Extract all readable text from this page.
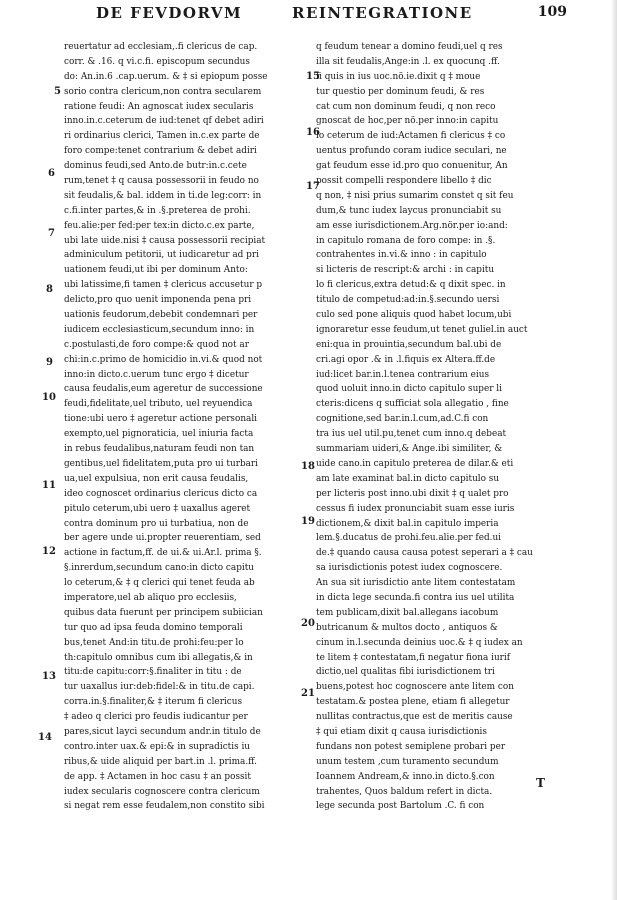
DE FEVDORVM	REINTEGRATIONE	109
reuertatur ad ecclesiam,.fi clericus de cap.
corr. & .16. q vi.c.fi. episcopum secundus
do: An.in.6 .cap.uerum. & ‡ si epiopum posse
sorio contra clericum,non contra secularem
ratione feudi: An agnoscat iudex secularis
inno.in.c.ceterum de iud:tenet qf debet adiri
ri ordinarius clerici, Tamen in.c.ex parte de
foro compe:tenet contrarium & debet adiri
dominus feudi,sed Anto.de butr:in.c.cete
rum,tenet ‡ q causa possessorii in feudo no
sit feudalis,& bal. iddem in ti.de leg:corr: in
c.fi.inter partes,& in .§.preterea de prohi.
feu.alie:per fed:per tex:in dicto.c.ex parte,
ubi late uide.nisi ‡ causa possessorii recipiat
adminiculum petitorii, ut iudicaretur ad pri
uationem feudi,ut ibi per dominum Anto:
ubi latissime,fi tamen ‡ clericus accusetur p
delicto,pro quo uenit imponenda pena pri
uationis feudorum,debebit condemnari per
iudicem ecclesiasticum,secundum inno: in
c.postulasti,de foro compe:& quod not ar
chi:in.c.primo de homicidio in.vi.& quod not
inno:in dicto.c.uerum tunc ergo ‡ dicetur
causa feudalis,eum ageretur de successione
feudi,fidelitate,uel tributo, uel reyuendica
tione:ubi uero ‡ ageretur actione personali
exempto,uel pignoraticia, uel iniuria facta
in rebus feudalibus,naturam feudi non tan
gentibus,uel fidelitatem,puta pro ui turbari
ua,uel expulsiua, non erit causa feudalis,
ideo cognoscet ordinarius clericus dicto ca
pitulo ceterum,ubi uero ‡ uaxallus ageret
contra dominum pro ui turbatiua, non de
ber agere unde ui.propter reuerentiam, sed
actione in factum,ff. de ui.& ui.Ar.l. prima §.
§.inrerdum,secundum cano:in dicto capitu
lo ceterum,& ‡ q clerici qui tenet feuda ab
imperatore,uel ab aliquo pro ecclesiis,
quibus data fuerunt per principem subiician
tur quo ad ipsa feuda domino temporali
bus,tenet And:in titu.de prohi:feu:per lo
th:capitulo omnibus cum ibi allegatis,& in
titu:de capitu:corr:§.finaliter in titu : de
tur uaxallus iur:deb:fidel:& in titu.de capi.
corra.in.§.finaliter,& ‡ iterum fi clericus
‡ adeo q clerici pro feudis iudicantur per
pares,sicut layci secundum andr.in titulo de
contro.inter uax.& epi:& in supradictis iu
ribus,& uide aliquid per bart.in .l. prima.ff.
de app. ‡ Actamen in hoc casu ‡ an possit
iudex secularis cognoscere contra clericum
si negat rem esse feudalem,non constito sibi
q feudum tenear a domino feudi,uel q res
illa sit feudalis,Ange:in .l. ex quocunq .ff.
fi quis in ius uoc.nö.ie.dixit q ‡ moue
tur questio per dominum feudi, & res
cat cum non dominum feudi, q non reco
gnoscat de hoc,per nö.per inno:in capitu
lo ceterum de iud:Actamen fi clericus ‡ co
uentus profundo coram iudice seculari, ne
gat feudum esse id.pro quo conuenitur, An
possit compelli respondere libello ‡ dic
q non, ‡ nisi prius sumarim constet q sit feu
dum,& tunc iudex laycus pronunciabit su
am esse iurisdictionem.Arg.nör.per io:and:
in capitulo romana de foro compe: in .§.
contrahentes in.vi.& inno : in capitulo
si licteris de rescript:& archi : in capitu
lo fi clericus,extra detud:& q dixit spec. in
titulo de competud:ad:in.§.secundo uersi
culo sed pone aliquis quod habet locum,ubi
ignoraretur esse feudum,ut tenet guliel.in auct
eni:qua in prouintia,secundum bal.ubi de
cri.agi opor .& in .l.fiquis ex Altera.ff.de
iud:licet bar.in.l.tenea contrarium eius
quod uoluit inno.in dicto capitulo super li
cteris:dicens q sufficiat sola allegatio , fine
cognitione,sed bar.in.l.cum,ad.C.fi con
tra ius uel util.pu,tenet cum inno.q debeat
summariam uideri,& Ange.ibi similiter, &
uide cano.in capitulo preterea de dilar.& eti
am late examinat bal.in dicto capitulo su
per licteris post inno.ubi dixit ‡ q ualet pro
cessus fi iudex pronunciabit suam esse iuris
dictionem,& dixit bal.in capitulo imperia
lem.§.ducatus de prohi.feu.alie.per fed.ui
de.‡ quando causa causa potest seperari a ‡ cau
sa iurisdictionis potest iudex cognoscere.
An sua sit iurisdictio ante litem contestatam
in dicta lege secunda.fi contra ius uel utilita
tem publicam,dixit bal.allegans iacobum
butricanum & multos docto , antiquos &
cinum in.l.secunda deinius uoc.& ‡ q iudex an
te litem ‡ contestatam,fi negatur fiona iurif
dictio,uel qualitas fibi iurisdictionem tri
buens,potest hoc cognoscere ante litem con
testatam.& postea plene, etiam fi allegetur
nullitas contractus,que est de meritis cause
‡ qui etiam dixit q causa iurisdictionis
fundans non potest semiplene probari per
unum testem ,cum turamento secundum
Ioannem Andream,& inno.in dicto.§.con
trahentes, Quos baldum refert in dicta.
lege secunda post Bartolum .C. fi con
5
6
7
8
9
10
11
12
13
14
15
16
17
18
19
20
21
T
